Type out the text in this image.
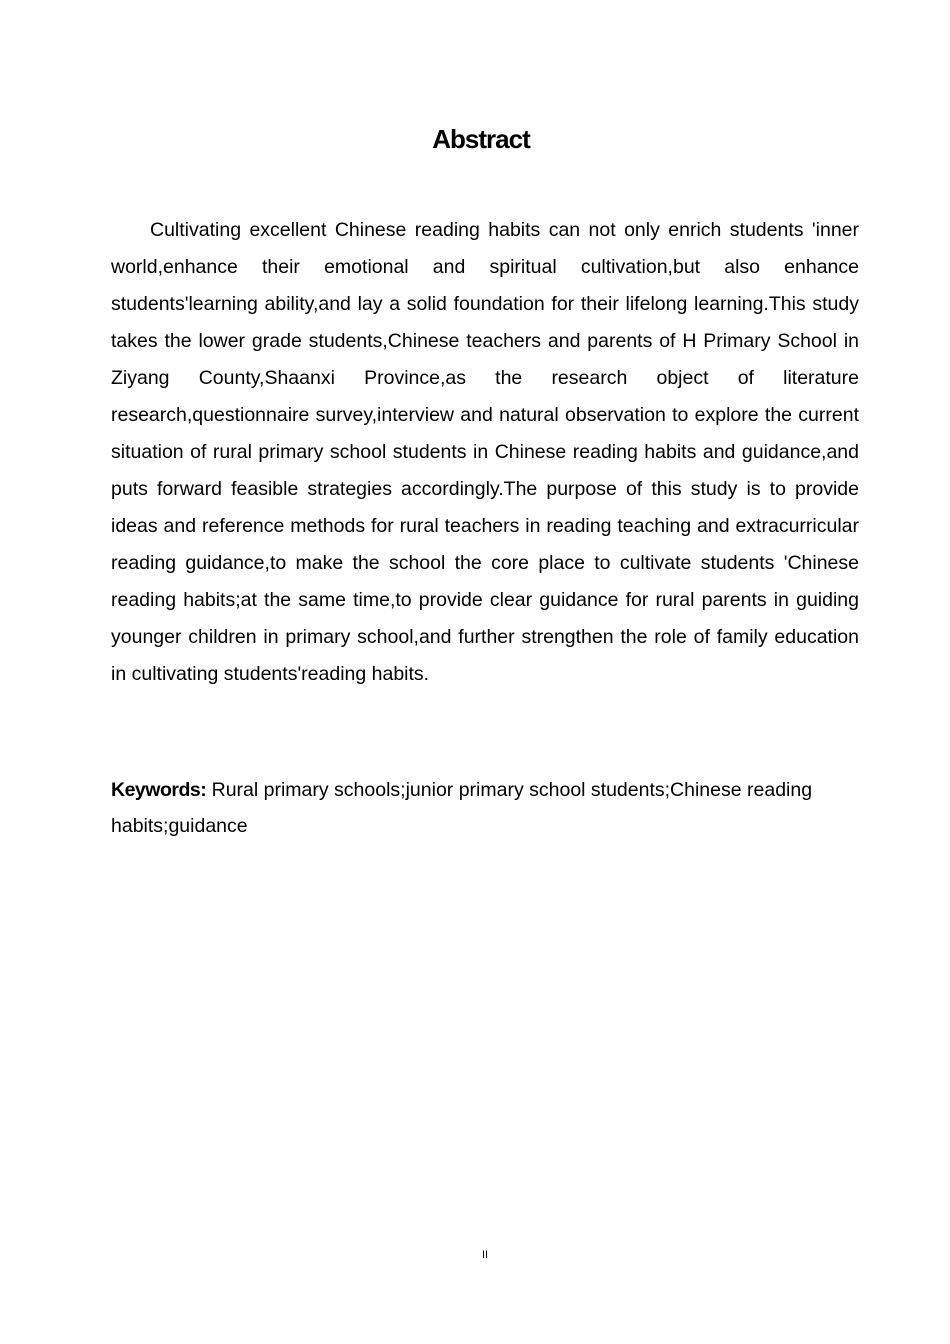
Abstract

Cultivating excellent Chinese reading habits can not only enrich students 'inner world,enhance their emotional and spiritual cultivation,but also enhance students'learning ability,and lay a solid foundation for their lifelong learning.This study takes the lower grade students,Chinese teachers and parents of H Primary School in Ziyang County,Shaanxi Province,as the research object of literature research,questionnaire survey,interview and natural observation to explore the current situation of rural primary school students in Chinese reading habits and guidance,and puts forward feasible strategies accordingly.The purpose of this study is to provide ideas and reference methods for rural teachers in reading teaching and extracurricular reading guidance,to make the school the core place to cultivate students 'Chinese reading habits;at the same time,to provide clear guidance for rural parents in guiding younger children in primary school,and further strengthen the role of family education in cultivating students'reading habits.

Keywords: Rural primary schools;junior primary school students;Chinese reading habits;guidance

II
